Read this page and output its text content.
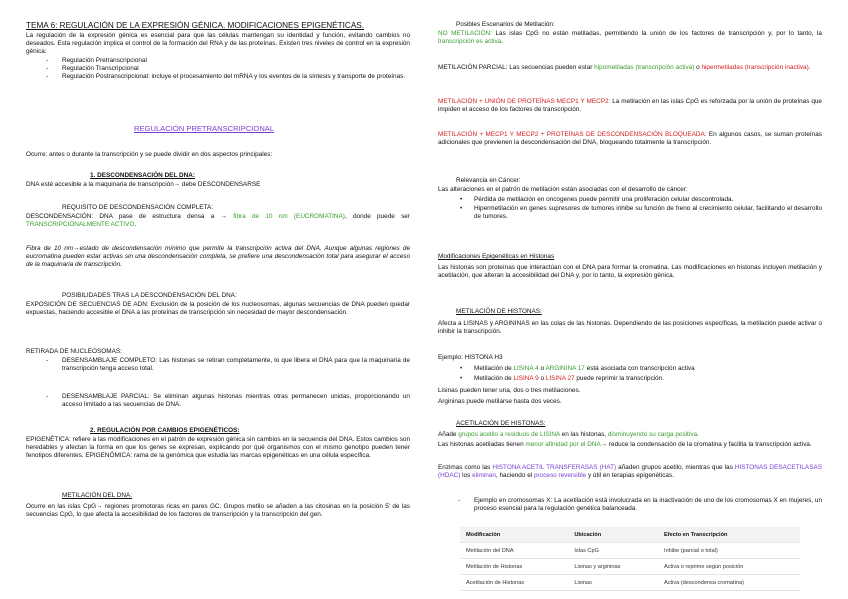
TEMA 6: REGULACIÓN DE LA EXPRESIÓN GÉNICA. MODIFICACIONES EPIGENÉTICAS.
La regulación de la expresión génica es esencial para que las células mantengan su identidad y función, evitando cambios no deseados. Esta regulación implica el control de la formación del RNA y de las proteínas. Existen tres niveles de control en la expresión génica:
- Regulación Pretranscripcional
- Regulación Transcripcional
- Regulación Postranscripcional: incluye el procesamiento del mRNA y los eventos de la síntesis y transporte de proteínas.
REGULACIÓN PRETRANSCRIPCIONAL
Ocurre: antes o durante la transcripción y se puede dividir en dos aspectos principales:
1. DESCONDENSACIÓN DEL DNA:
DNA esté accesible a la maquinaria de transcripción→ debe DESCONDENSARSE
REQUISITO DE DESCONDENSACIÓN COMPLETA:
DESCONDENSACIÓN: DNA pase de estructura densa a → fibra de 10 nm (EUCROMATINA), donde puede ser TRANSCRIPCIONALMENTE ACTIVO.
Fibra de 10 nm→estado de descondensación mínimo que permite la transcripción activa del DNA. Aunque algunas regiones de eucromatina pueden estar activas sin una descondensación completa, se prefiere una descondensación total para asegurar el acceso de la maquinaria de transcripción.
POSIBILIDADES TRAS LA DESCONDENSACIÓN DEL DNA:
EXPOSICIÓN DE SECUENCIAS DE ADN: Exclusión de la posición de los nucleosomas, algunas secuencias de DNA pueden quedar expuestas, haciendo accesible el DNA a las proteínas de transcripción sin necesidad de mayor descondensación.
RETIRADA DE NUCLEOSOMAS:
- DESENSAMBLAJE COMPLETO: Las histonas se retiran completamente, lo que libera el DNA para que la maquinaria de transcripción tenga acceso total.
- DESENSAMBLAJE PARCIAL: Se eliminan algunas histonas mientras otras permanecen unidas, proporcionando un acceso limitado a las secuencias de DNA.
2. REGULACIÓN POR CAMBIOS EPIGENÉTICOS:
EPIGENÉTICA: refiere a las modificaciones en el patrón de expresión génica sin cambios en la secuencia del DNA. Estos cambios son heredables y afectan la forma en que los genes se expresan, explicando por qué organismos con el mismo genotipo pueden tener fenotipos diferentes. EPIGENÓMICA: rama de la genómica que estudia las marcas epigenéticas en una célula específica.
METILACIÓN DEL DNA:
Ocurre en las islas CpG→ regiones promotoras ricas en pares GC. Grupos metilo se añaden a las citosinas en la posición 5' de las secuencias CpG, lo que afecta la accesibilidad de los factores de transcripción y la transcripción del gen.
Posibles Escenarios de Metilación:
NO METILACIÓN: Las islas CpG no están metiladas, permitiendo la unión de los factores de transcripción y, por lo tanto, la transcripción es activa.
METILACIÓN PARCIAL: Las secuencias pueden estar hipometiladas (transcripción activa) o hipermetiladas (transcripción inactiva).
METILACIÓN + UNIÓN DE PROTEÍNAS MECP1 Y MECP2: La metilación en las islas CpG es reforzada por la unión de proteínas que impiden el acceso de los factores de transcripción.
METILACIÓN + MECP1 Y MECP2 + PROTEÍNAS DE DESCONDENSACIÓN BLOQUEADA: En algunos casos, se suman proteínas adicionales que previenen la descondensación del DNA, bloqueando totalmente la transcripción.
Relevancia en Cáncer:
Las alteraciones en el patrón de metilación están asociadas con el desarrollo de cáncer:
• Pérdida de metilación en oncogenes puede permitir una proliferación celular descontrolada.
• Hipermetilación en genes supresores de tumores inhibe su función de freno al crecimiento celular, facilitando el desarrollo de tumores.
Modificaciones Epigenéticas en Histonas
Las histonas son proteínas que interactúan con el DNA para formar la cromatina. Las modificaciones en histonas incluyen metilación y acetilación, que alteran la accesibilidad del DNA y, por lo tanto, la expresión génica.
METILACIÓN DE HISTONAS:
Afecta a LISINAS y ARGININAS en las colas de las histonas. Dependiendo de las posiciones específicas, la metilación puede activar o inhibir la transcripción.
Ejemplo: HISTONA H3
• Metilación de LISINA 4 o ARGININA 17 está asociada con transcripción activa
• Metilación de LISINA 9 o LISINA 27 puede reprimir la transcripción.
Lisinas pueden tener una, dos o tres metilaciones.
Argininas puede metilarse hasta dos veces.
ACETILACIÓN DE HISTONAS:
Añade grupos acetilo a residuos de LISINA en las histonas, disminuyendo su carga positiva.
Las histonas acetiladas tienen menor afinidad por el DNA→ reduce la condensación de la cromatina y facilita la transcripción activa.
Enzimas como las HISTONA ACETIL TRANSFERASAS (HAT) añaden grupos acetilo, mientras que las HISTONAS DESACETILASAS (HDAC) los eliminan, haciendo el proceso reversible y útil en terapias epigenéticas.
- Ejemplo en cromosomas X: La acetilación está involucrada en la inactivación de uno de los cromosomas X en mujeres, un proceso esencial para la regulación genética balanceada.
Modificación	Ubicación	Efecto en Transcripción
Metilación del DNA	Islas CpG	Inhibe (parcial o total)
Metilación de Histonas	Lisinas y argininas	Activa o reprime según posición
Acetilación de Histonas	Lisinas	Activa (descondensa cromatina)
